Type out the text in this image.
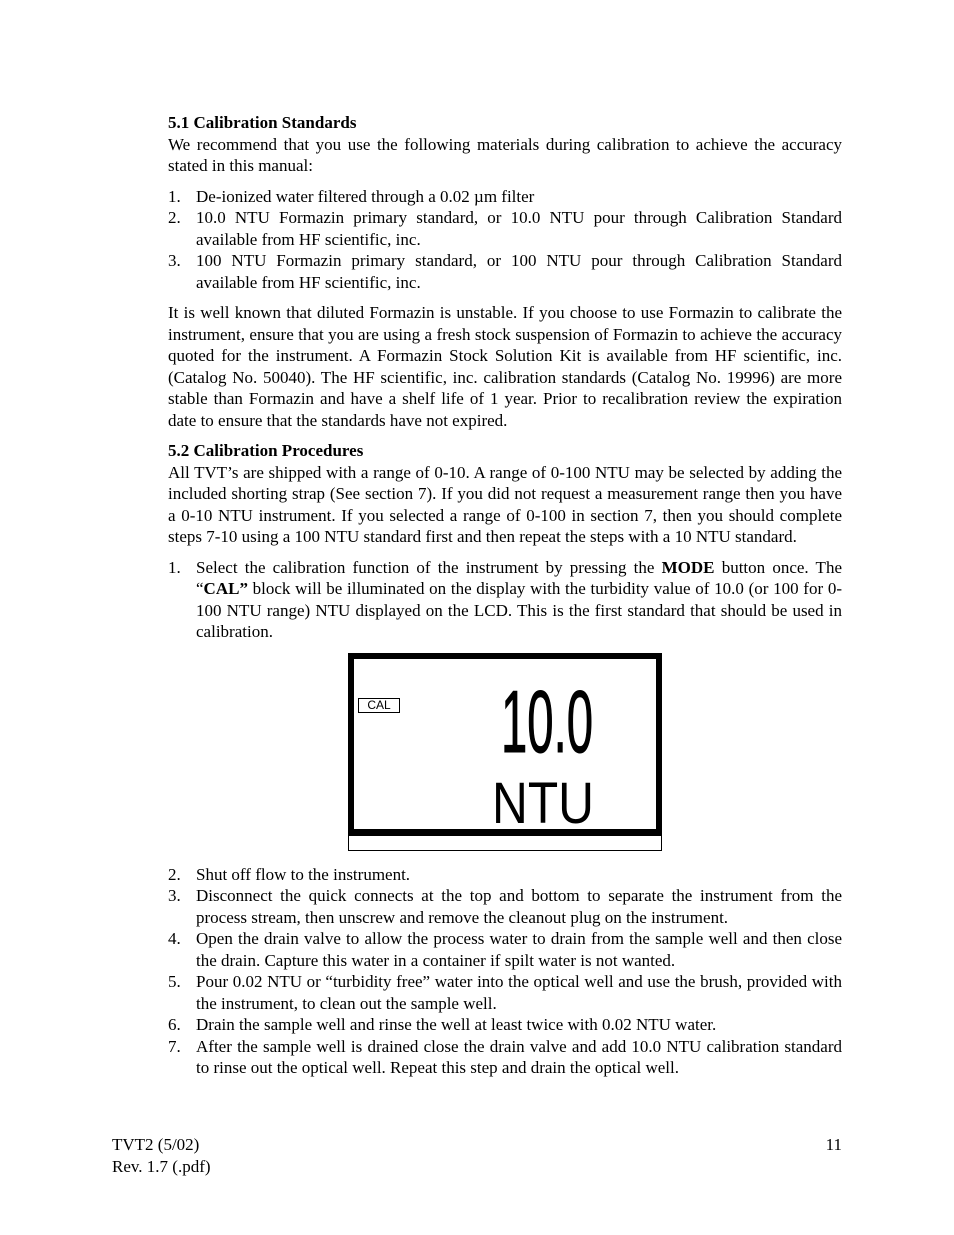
5.1 Calibration Standards

We recommend that you use the following materials during calibration to achieve the accuracy stated in this manual:

1. De-ionized water filtered through a 0.02 µm filter
2. 10.0 NTU Formazin primary standard, or 10.0 NTU pour through Calibration Standard available from HF scientific, inc.
3. 100 NTU Formazin primary standard, or 100 NTU pour through Calibration Standard available from HF scientific, inc.

It is well known that diluted Formazin is unstable. If you choose to use Formazin to calibrate the instrument, ensure that you are using a fresh stock suspension of Formazin to achieve the accuracy quoted for the instrument. A Formazin Stock Solution Kit is available from HF scientific, inc. (Catalog No. 50040). The HF scientific, inc. calibration standards (Catalog No. 19996) are more stable than Formazin and have a shelf life of 1 year. Prior to recalibration review the expiration date to ensure that the standards have not expired.

5.2 Calibration Procedures

All TVT’s are shipped with a range of 0-10. A range of 0-100 NTU may be selected by adding the included shorting strap (See section 7). If you did not request a measurement range then you have a 0-10 NTU instrument. If you selected a range of 0-100 in section 7, then you should complete steps 7-10 using a 100 NTU standard first and then repeat the steps with a 10 NTU standard.

1. Select the calibration function of the instrument by pressing the MODE button once. The “CAL” block will be illuminated on the display with the turbidity value of 10.0 (or 100 for 0-100 NTU range) NTU displayed on the LCD. This is the first standard that should be used in calibration.
CAL 10.0
NTU
2. Shut off flow to the instrument.
3. Disconnect the quick connects at the top and bottom to separate the instrument from the process stream, then unscrew and remove the cleanout plug on the instrument.
4. Open the drain valve to allow the process water to drain from the sample well and then close the drain. Capture this water in a container if spilt water is not wanted.
5. Pour 0.02 NTU or “turbidity free” water into the optical well and use the brush, provided with the instrument, to clean out the sample well.
6. Drain the sample well and rinse the well at least twice with 0.02 NTU water.
7. After the sample well is drained close the drain valve and add 10.0 NTU calibration standard to rinse out the optical well. Repeat this step and drain the optical well.
TVT2 (5/02)
Rev. 1.7 (.pdf)
11
